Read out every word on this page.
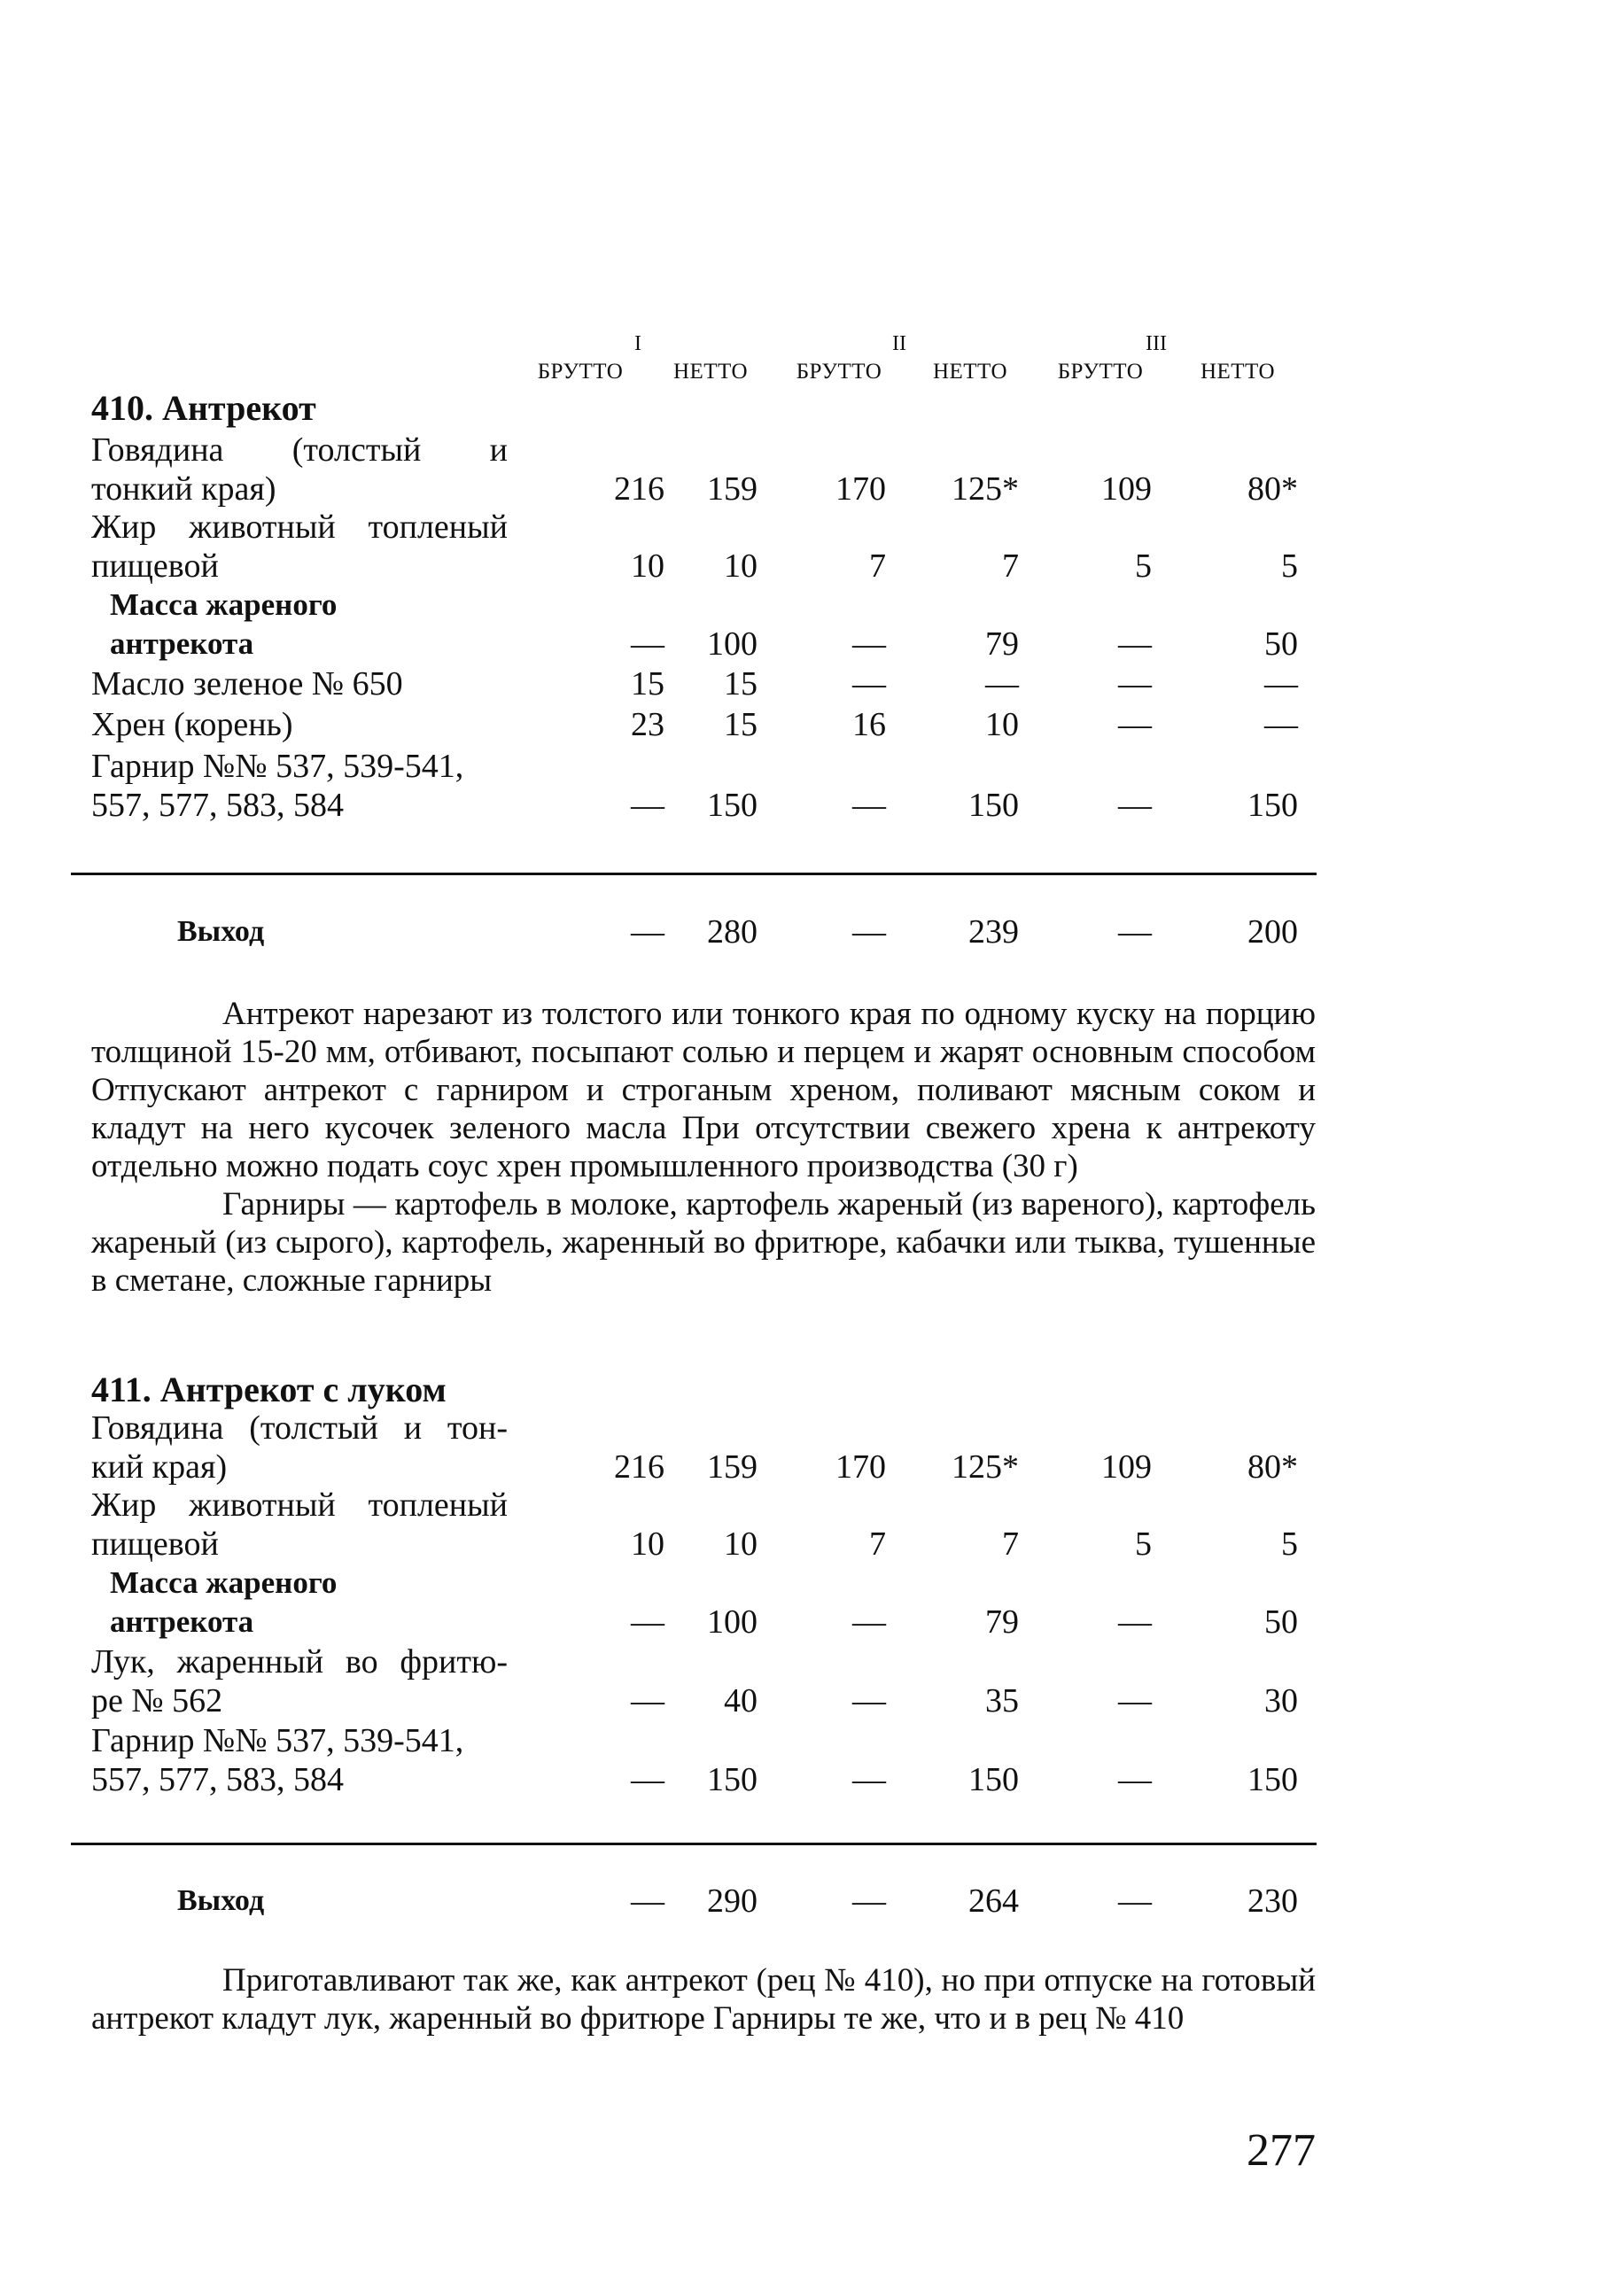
I	II	III
БРУТТО	НЕТТО	БРУТТО	НЕТТО	БРУТТО	НЕТТО
410. Антрекот
Говядина (толстый и
тонкий края)	216	159	170	125*	109	80*
Жир животный топленый
пищевой	10	10	7	7	5	5
Масса жареного
антрекота	—	100	—	79	—	50
Масло зеленое № 650	15	15	—	—	—	—
Хрен (корень)	23	15	16	10	—	—
Гарнир №№ 537, 539-541,
557, 577, 583, 584	—	150	—	150	—	150
Выход	—	280	—	239	—	200

Антрекот нарезают из толстого или тонкого края по одному куску на порцию толщиной 15-20 мм, отбивают, посыпают солью и перцем и жарят основным способом Отпускают антрекот с гарниром и строганым хреном, поливают мясным соком и кладут на него кусочек зеленого масла При отсутствии свежего хрена к антрекоту отдельно можно подать соус хрен промышленного производства (30 г)

Гарниры — картофель в молоке, картофель жареный (из вареного), картофель жареный (из сырого), картофель, жаренный во фритюре, кабачки или тыква, тушенные в сметане, сложные гарниры

411. Антрекот с луком
Говядина (толстый и тон-
кий края)	216	159	170	125*	109	80*
Жир животный топленый
пищевой	10	10	7	7	5	5
Масса жареного
антрекота	—	100	—	79	—	50
Лук, жаренный во фритю-
ре № 562	—	40	—	35	—	30
Гарнир №№ 537, 539-541,
557, 577, 583, 584	—	150	—	150	—	150
Выход	—	290	—	264	—	230

Приготавливают так же, как антрекот (рец № 410), но при отпуске на готовый антрекот кладут лук, жаренный во фритюре Гарниры те же, что и в рец № 410

277
